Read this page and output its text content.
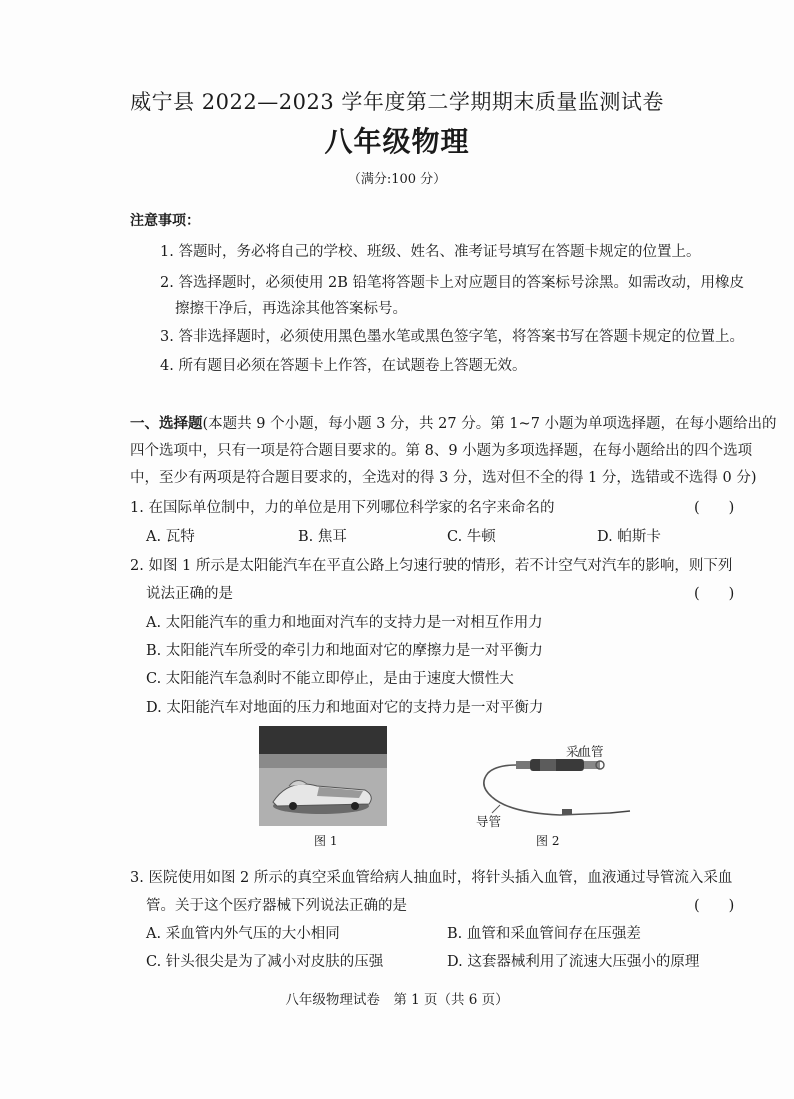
威宁县 2022—2023 学年度第二学期期末质量监测试卷
八年级物理
（满分:100 分）
注意事项：
1. 答题时，务必将自己的学校、班级、姓名、准考证号填写在答题卡规定的位置上。
2. 答选择题时，必须使用 2B 铅笔将答题卡上对应题目的答案标号涂黑。如需改动，用橡皮
擦擦干净后，再选涂其他答案标号。
3. 答非选择题时，必须使用黑色墨水笔或黑色签字笔，将答案书写在答题卡规定的位置上。
4. 所有题目必须在答题卡上作答，在试题卷上答题无效。
一、选择题(本题共 9 个小题，每小题 3 分，共 27 分。第 1~7 小题为单项选择题，在每小题给出的
四个选项中，只有一项是符合题目要求的。第 8、9 小题为多项选择题，在每小题给出的四个选项
中，至少有两项是符合题目要求的，全选对的得 3 分，选对但不全的得 1 分，选错或不选得 0 分)
1. 在国际单位制中，力的单位是用下列哪位科学家的名字来命名的	(　　)
A. 瓦特	B. 焦耳	C. 牛顿	D. 帕斯卡
2. 如图 1 所示是太阳能汽车在平直公路上匀速行驶的情形，若不计空气对汽车的影响，则下列
说法正确的是	(　　)
A. 太阳能汽车的重力和地面对汽车的支持力是一对相互作用力
B. 太阳能汽车所受的牵引力和地面对它的摩擦力是一对平衡力
C. 太阳能汽车急刹时不能立即停止，是由于速度大惯性大
D. 太阳能汽车对地面的压力和地面对它的支持力是一对平衡力
图 1
采血管
导管
图 2
3. 医院使用如图 2 所示的真空采血管给病人抽血时，将针头插入血管，血液通过导管流入采血
管。关于这个医疗器械下列说法正确的是	(　　)
A. 采血管内外气压的大小相同	B. 血管和采血管间存在压强差
C. 针头很尖是为了减小对皮肤的压强	D. 这套器械利用了流速大压强小的原理
八年级物理试卷　第 1 页（共 6 页）
